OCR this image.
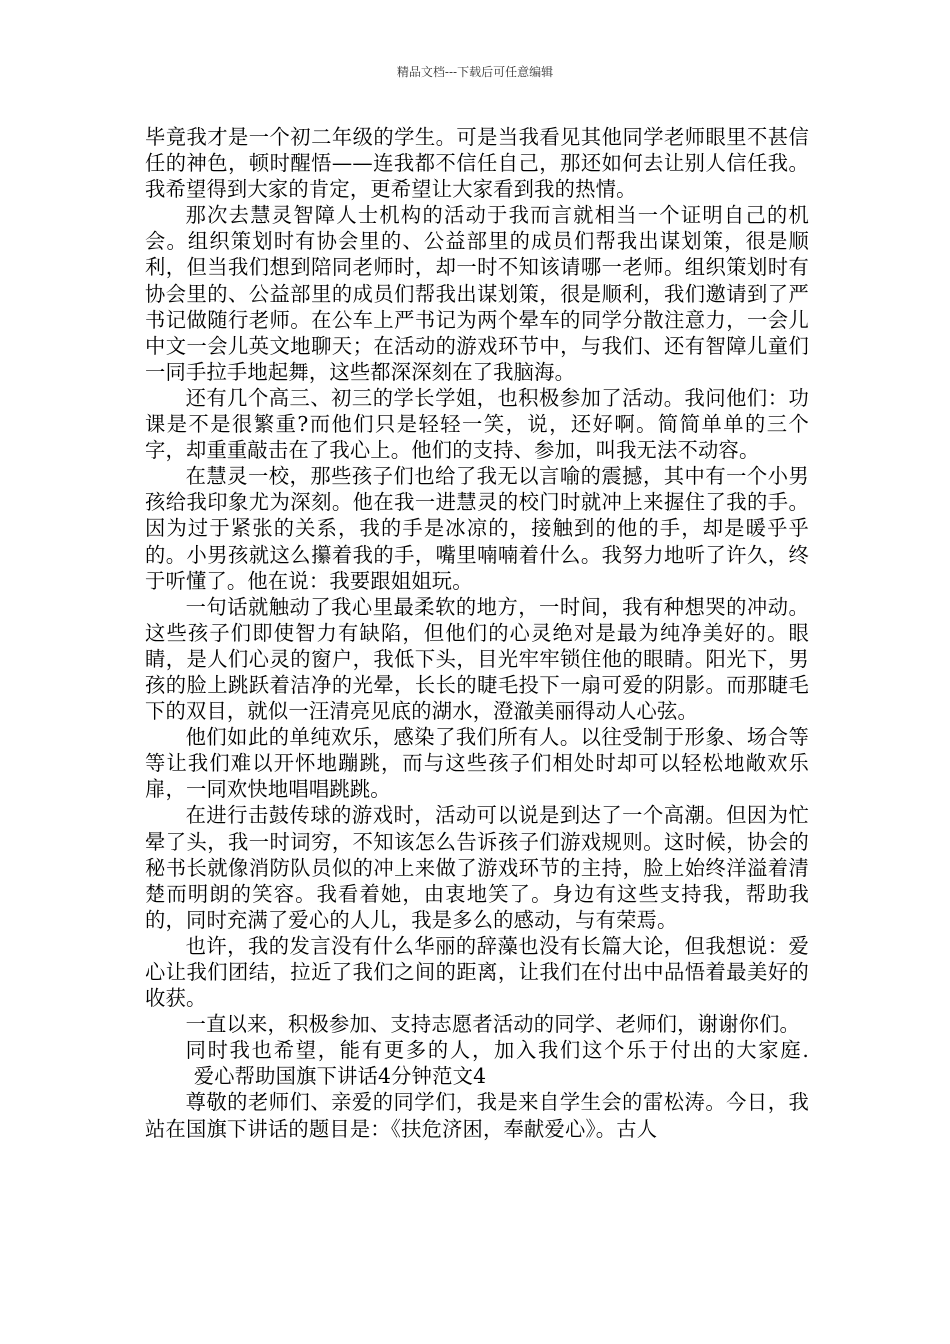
精品文档---下载后可任意编辑

毕竟我才是一个初二年级的学生。可是当我看见其他同学老师眼里不甚信任的神色，顿时醒悟——连我都不信任自己，那还如何去让别人信任我。我希望得到大家的肯定，更希望让大家看到我的热情。

那次去慧灵智障人士机构的活动于我而言就相当一个证明自己的机会。组织策划时有协会里的、公益部里的成员们帮我出谋划策，很是顺利，但当我们想到陪同老师时，却一时不知该请哪一老师。组织策划时有协会里的、公益部里的成员们帮我出谋划策，很是顺利，我们邀请到了严书记做随行老师。在公车上严书记为两个晕车的同学分散注意力，一会儿中文一会儿英文地聊天；在活动的游戏环节中，与我们、还有智障儿童们一同手拉手地起舞，这些都深深刻在了我脑海。

还有几个高三、初三的学长学姐，也积极参加了活动。我问他们：功课是不是很繁重?而他们只是轻轻一笑，说，还好啊。简简单单的三个字，却重重敲击在了我心上。他们的支持、参加，叫我无法不动容。

在慧灵一校，那些孩子们也给了我无以言喻的震撼，其中有一个小男孩给我印象尤为深刻。他在我一进慧灵的校门时就冲上来握住了我的手。因为过于紧张的关系，我的手是冰凉的，接触到的他的手，却是暖乎乎的。小男孩就这么攥着我的手，嘴里喃喃着什么。我努力地听了许久，终于听懂了。他在说：我要跟姐姐玩。

一句话就触动了我心里最柔软的地方，一时间，我有种想哭的冲动。这些孩子们即使智力有缺陷，但他们的心灵绝对是最为纯净美好的。眼睛，是人们心灵的窗户，我低下头，目光牢牢锁住他的眼睛。阳光下，男孩的脸上跳跃着洁净的光晕，长长的睫毛投下一扇可爱的阴影。而那睫毛下的双目，就似一汪清亮见底的湖水，澄澈美丽得动人心弦。

他们如此的单纯欢乐，感染了我们所有人。以往受制于形象、场合等等让我们难以开怀地蹦跳，而与这些孩子们相处时却可以轻松地敞欢乐扉，一同欢快地唱唱跳跳。

在进行击鼓传球的游戏时，活动可以说是到达了一个高潮。但因为忙晕了头，我一时词穷，不知该怎么告诉孩子们游戏规则。这时候，协会的秘书长就像消防队员似的冲上来做了游戏环节的主持，脸上始终洋溢着清楚而明朗的笑容。我看着她，由衷地笑了。身边有这些支持我，帮助我的，同时充满了爱心的人儿，我是多么的感动，与有荣焉。

也许，我的发言没有什么华丽的辞藻也没有长篇大论，但我想说：爱心让我们团结，拉近了我们之间的距离，让我们在付出中品悟着最美好的收获。

一直以来，积极参加、支持志愿者活动的同学、老师们，谢谢你们。

同时我也希望，能有更多的人，加入我们这个乐于付出的大家庭.爱心帮助国旗下讲话4分钟范文4

尊敬的老师们、亲爱的同学们，我是来自学生会的雷松涛。今日，我站在国旗下讲话的题目是：《扶危济困，奉献爱心》。古人
